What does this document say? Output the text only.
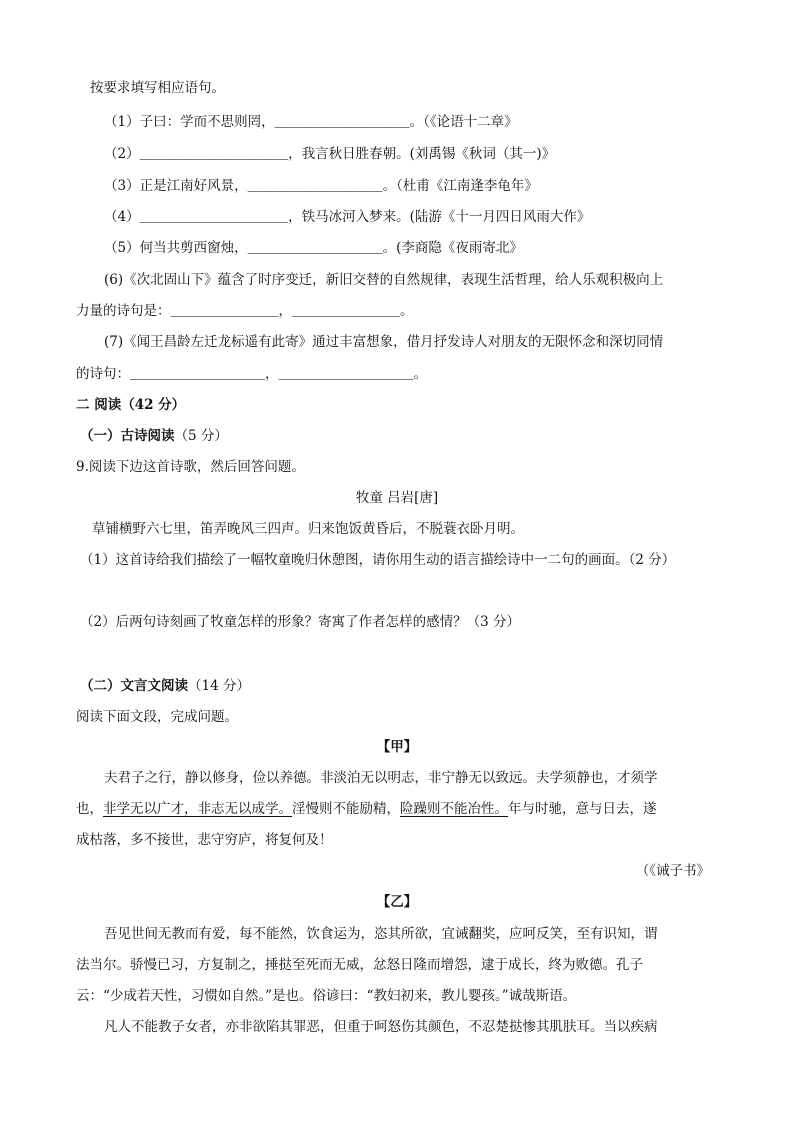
按要求填写相应语句。
（1）子曰：学而不思则罔，＿＿＿＿＿＿＿＿＿＿。（《论语十二章》
（2）＿＿＿＿＿＿＿＿＿＿＿，我言秋日胜春朝。(刘禹锡《秋词（其一)》
（3）正是江南好风景，＿＿＿＿＿＿＿＿＿＿。（杜甫《江南逢李龟年》
（4）＿＿＿＿＿＿＿＿＿＿＿，铁马冰河入梦来。(陆游《十一月四日风雨大作》
（5）何当共剪西窗烛，＿＿＿＿＿＿＿＿＿＿。(李商隐《夜雨寄北》
(6)《次北固山下》蕴含了时序变迁，新旧交替的自然规律，表现生活哲理，给人乐观积极向上
力量的诗句是：＿＿＿＿＿＿＿＿，＿＿＿＿＿＿＿＿。
(7)《闻王昌龄左迁龙标遥有此寄》通过丰富想象，借月抒发诗人对朋友的无限怀念和深切同情
的诗句：＿＿＿＿＿＿＿＿＿＿，＿＿＿＿＿＿＿＿＿＿。
二 阅读（42 分）
（一）古诗阅读（5 分）
9.阅读下边这首诗歌，然后回答问题。
牧童 吕岩[唐]
草铺横野六七里，笛弄晚风三四声。归来饱饭黄昏后，不脱蓑衣卧月明。
（1）这首诗给我们描绘了一幅牧童晚归休憩图，请你用生动的语言描绘诗中一二句的画面。（2 分）
（2）后两句诗刻画了牧童怎样的形象？寄寓了作者怎样的感情？（3 分）
（二）文言文阅读（14 分）
阅读下面文段，完成问题。
【甲】
夫君子之行，静以修身，俭以养德。非淡泊无以明志，非宁静无以致远。夫学须静也，才须学
也，非学无以广才，非志无以成学。淫慢则不能励精，险躁则不能冶性。年与时驰，意与日去，遂
成枯落，多不接世，悲守穷庐，将复何及！
（《诫子书》
【乙】
吾见世间无教而有爱，每不能然，饮食运为，恣其所欲，宜诫翻奖，应呵反笑，至有识知，谓
法当尔。骄慢已习，方复制之，捶挞至死而无威，忿怒日隆而增怨，逮于成长，终为败德。孔子
云：“少成若天性，习惯如自然。”是也。俗谚曰：“教妇初来，教儿婴孩。”诚哉斯语。
凡人不能教子女者，亦非欲陷其罪恶，但重于呵怒伤其颜色，不忍楚挞惨其肌肤耳。当以疾病
